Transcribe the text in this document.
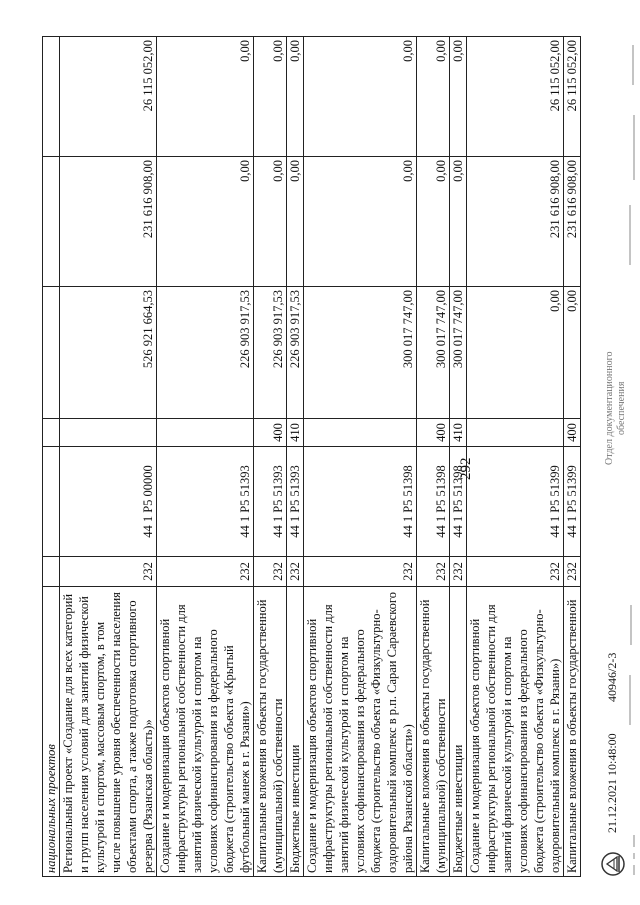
292
национальных проектов						
Региональный проект «Создание для всех категорий и групп населения условий для занятий физической культурой и спортом, массовым спортом, в том числе повышение уровня обеспеченности населения объектами спорта, а также подготовка спортивного резерва (Рязанская область)»	232	44 1 P5 00000		526 921 664,53	231 616 908,00	26 115 052,00
Создание и модернизация объектов спортивной инфраструктуры региональной собственности для занятий физической культурой и спортом на условиях софинансирования из федерального бюджета (строительство объекта «Крытый футбольный манеж в г. Рязани»)	232	44 1 P5 51393		226 903 917,53	0,00	0,00
Капитальные вложения в объекты государственной (муниципальной) собственности	232	44 1 P5 51393	400	226 903 917,53	0,00	0,00
Бюджетные инвестиции	232	44 1 P5 51393	410	226 903 917,53	0,00	0,00
Создание и модернизация объектов спортивной инфраструктуры региональной собственности для занятий физической культурой и спортом на условиях софинансирования из федерального бюджета (строительство объекта «Физкультурно-оздоровительный комплекс в р.п. Сараи Сараевского района Рязанской области»)	232	44 1 P5 51398		300 017 747,00	0,00	0,00
Капитальные вложения в объекты государственной (муниципальной) собственности	232	44 1 P5 51398	400	300 017 747,00	0,00	0,00
Бюджетные инвестиции	232	44 1 P5 51398	410	300 017 747,00	0,00	0,00
Создание и модернизация объектов спортивной инфраструктуры региональной собственности для занятий физической культурой и спортом на условиях софинансирования из федерального бюджета (строительство объекта «Физкультурно-оздоровительный комплекс в г. Рязани»)	232	44 1 P5 51399		0,00	231 616 908,00	26 115 052,00
Капитальные вложения в объекты государственной	232	44 1 P5 51399	400	0,00	231 616 908,00	26 115 052,00
21.12.2021 10:48:00
40946/2-3
Отдел документационного обеспечения
